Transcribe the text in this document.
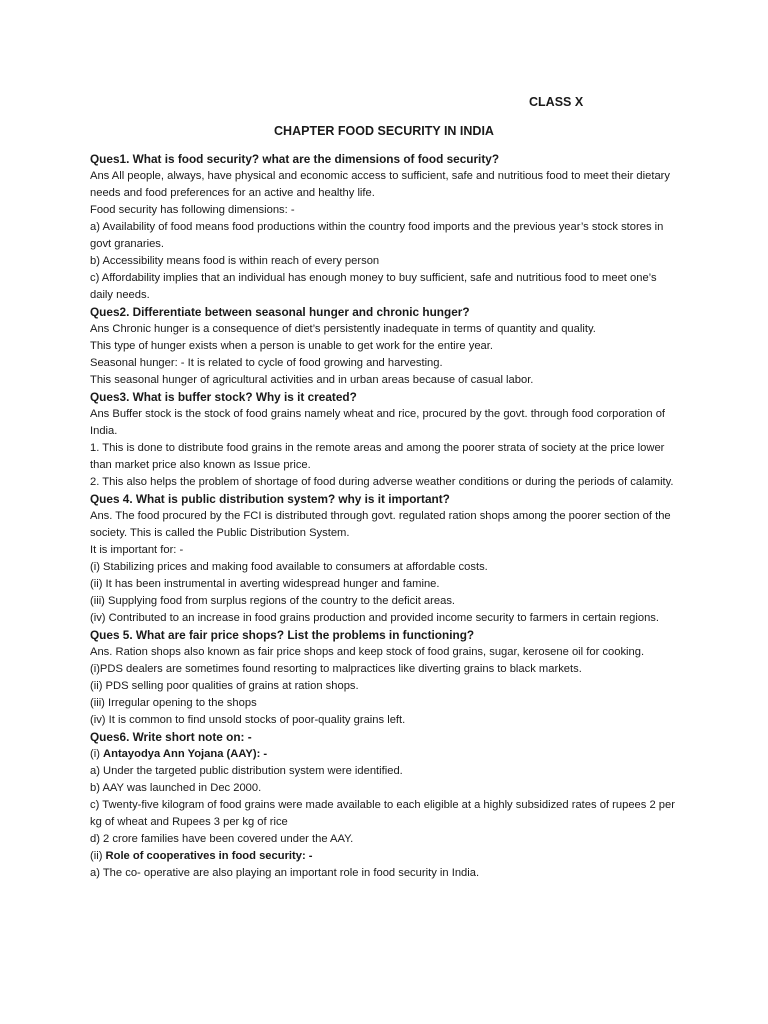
CLASS X

CHAPTER FOOD SECURITY IN INDIA

Ques1. What is food security? what are the dimensions of food security?

Ans All people, always, have physical and economic access to sufficient, safe and nutritious food to meet their dietary needs and food preferences for an active and healthy life.

Food security has following dimensions: -

a) Availability of food means food productions within the country food imports and the previous year’s stock stores in govt granaries.

b) Accessibility means food is within reach of every person

c) Affordability implies that an individual has enough money to buy sufficient, safe and nutritious food to meet one’s daily needs.

Ques2. Differentiate between seasonal hunger and chronic hunger?

Ans Chronic hunger is a consequence of diet’s persistently inadequate in terms of quantity and quality.

This type of hunger exists when a person is unable to get work for the entire year.

Seasonal hunger: - It is related to cycle of food growing and harvesting.

This seasonal hunger of agricultural activities and in urban areas because of casual labor.

Ques3. What is buffer stock? Why is it created?

Ans Buffer stock is the stock of food grains namely wheat and rice, procured by the govt. through food corporation of India.

1. This is done to distribute food grains in the remote areas and among the poorer strata of society at the price lower than market price also known as Issue price.

2. This also helps the problem of shortage of food during adverse weather conditions or during the periods of calamity.

Ques 4. What is public distribution system? why is it important?

Ans. The food procured by the FCI is distributed through govt. regulated ration shops among the poorer section of the society. This is called the Public Distribution System.

It is important for: -

(i) Stabilizing prices and making food available to consumers at affordable costs.

(ii) It has been instrumental in averting widespread hunger and famine.

(iii) Supplying food from surplus regions of the country to the deficit areas.

(iv) Contributed to an increase in food grains production and provided income security to farmers in certain regions.

Ques 5. What are fair price shops? List the problems in functioning?

Ans. Ration shops also known as fair price shops and keep stock of food grains, sugar, kerosene oil for cooking.

(i)PDS dealers are sometimes found resorting to malpractices like diverting grains to black markets.

(ii) PDS selling poor qualities of grains at ration shops.

(iii) Irregular opening to the shops

(iv) It is common to find unsold stocks of poor-quality grains left.

Ques6. Write short note on: -

(i) Antayodya Ann Yojana (AAY): -

a) Under the targeted public distribution system were identified.

b) AAY was launched in Dec 2000.

c) Twenty-five kilogram of food grains were made available to each eligible at a highly subsidized rates of rupees 2 per kg of wheat and Rupees 3 per kg of rice

d) 2 crore families have been covered under the AAY.

(ii) Role of cooperatives in food security: -

a) The co- operative are also playing an important role in food security in India.
